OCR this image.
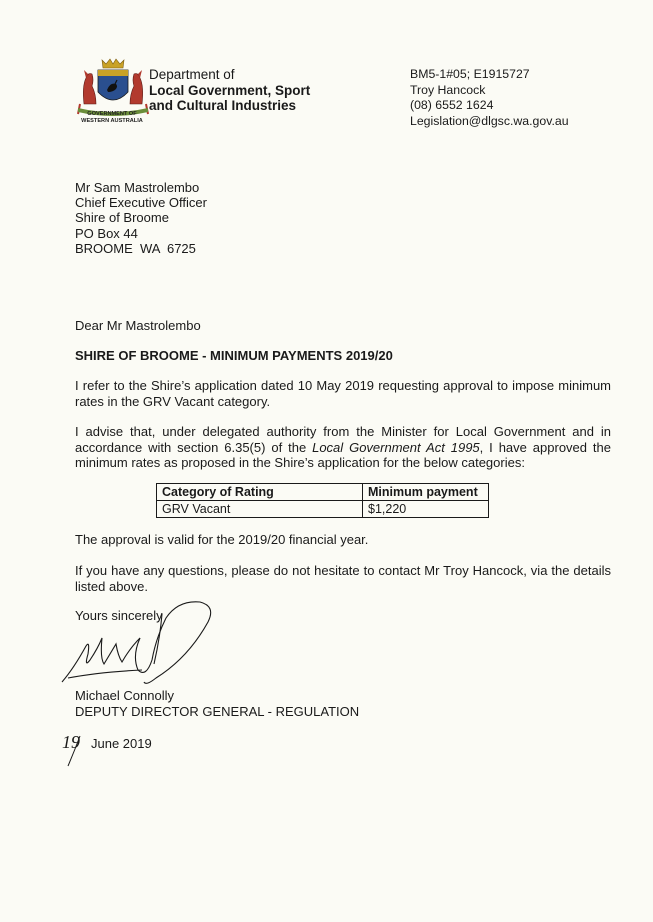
GOVERNMENT OF
WESTERN AUSTRALIA
Department of
Local Government, Sport
and Cultural Industries
BM5-1#05; E1915727
Troy Hancock
(08) 6552 1624
Legislation@dlgsc.wa.gov.au
Mr Sam Mastrolembo
Chief Executive Officer
Shire of Broome
PO Box 44
BROOME  WA  6725
Dear Mr Mastrolembo
SHIRE OF BROOME - MINIMUM PAYMENTS 2019/20
I refer to the Shire’s application dated 10 May 2019 requesting approval to impose minimum rates in the GRV Vacant category.
I advise that, under delegated authority from the Minister for Local Government and in accordance with section 6.35(5) of the Local Government Act 1995, I have approved the minimum rates as proposed in the Shire’s application for the below categories:
Category of Rating	Minimum payment
GRV Vacant	$1,220
The approval is valid for the 2019/20 financial year.
If you have any questions, please do not hesitate to contact Mr Troy Hancock, via the details listed above.
Yours sincerely
Michael Connolly
DEPUTY DIRECTOR GENERAL - REGULATION
19 June 2019
